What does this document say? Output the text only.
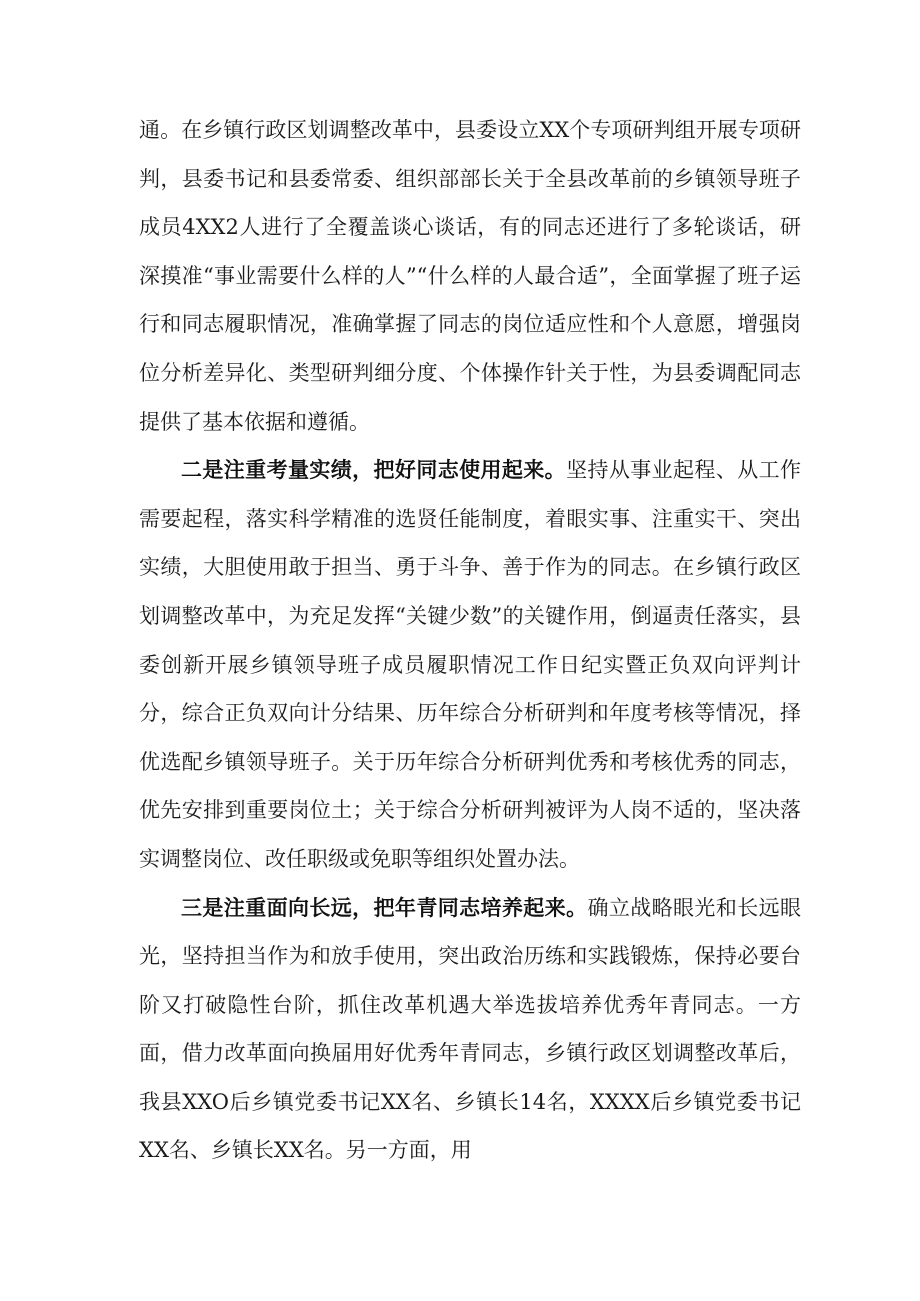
通。在乡镇行政区划调整改革中，县委设立XX个专项研判组开展专项研判，县委书记和县委常委、组织部部长关于全县改革前的乡镇领导班子成员4XX2人进行了全覆盖谈心谈话，有的同志还进行了多轮谈话，研深摸准“事业需要什么样的人”“什么样的人最合适”，全面掌握了班子运行和同志履职情况，准确掌握了同志的岗位适应性和个人意愿，增强岗位分析差异化、类型研判细分度、个体操作针关于性，为县委调配同志提供了基本依据和遵循。

二是注重考量实绩，把好同志使用起来。坚持从事业起程、从工作需要起程，落实科学精准的选贤任能制度，着眼实事、注重实干、突出实绩，大胆使用敢于担当、勇于斗争、善于作为的同志。在乡镇行政区划调整改革中，为充足发挥“关键少数”的关键作用，倒逼责任落实，县委创新开展乡镇领导班子成员履职情况工作日纪实暨正负双向评判计分，综合正负双向计分结果、历年综合分析研判和年度考核等情况，择优选配乡镇领导班子。关于历年综合分析研判优秀和考核优秀的同志，优先安排到重要岗位土；关于综合分析研判被评为人岗不适的，坚决落实调整岗位、改任职级或免职等组织处置办法。

三是注重面向长远，把年青同志培养起来。确立战略眼光和长远眼光，坚持担当作为和放手使用，突出政治历练和实践锻炼，保持必要台阶又打破隐性台阶，抓住改革机遇大举选拔培养优秀年青同志。一方面，借力改革面向换届用好优秀年青同志，乡镇行政区划调整改革后，我县XXO后乡镇党委书记XX名、乡镇长14名，XXXX后乡镇党委书记XX名、乡镇长XX名。另一方面，用
